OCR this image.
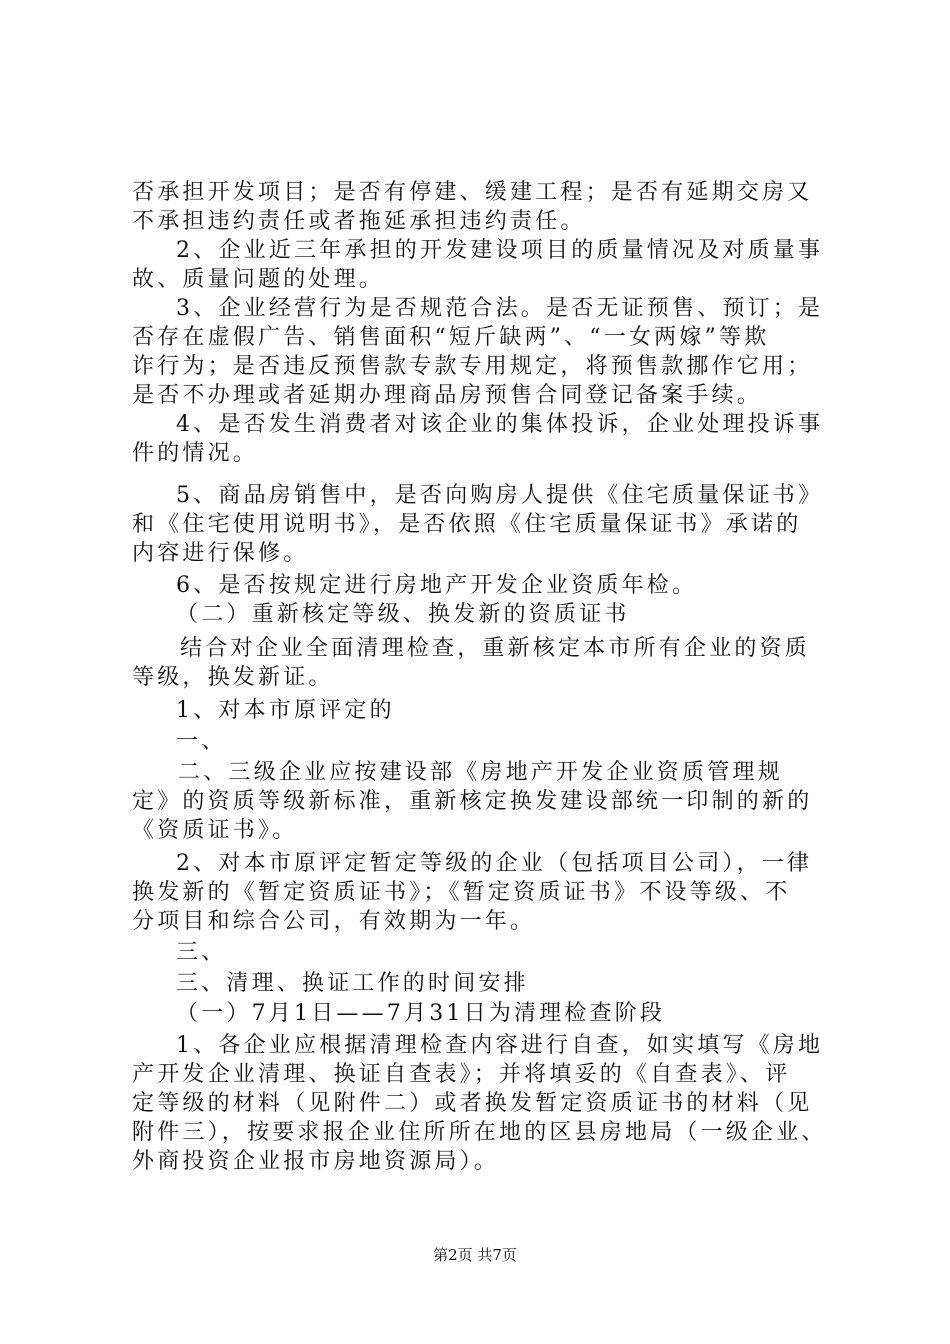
否承担开发项目；是否有停建、缓建工程；是否有延期交房又
不承担违约责任或者拖延承担违约责任。
2、企业近三年承担的开发建设项目的质量情况及对质量事
故、质量问题的处理。
3、企业经营行为是否规范合法。是否无证预售、预订；是
否存在虚假广告、销售面积“短斤缺两”、“一女两嫁”等欺
诈行为；是否违反预售款专款专用规定，将预售款挪作它用；
是否不办理或者延期办理商品房预售合同登记备案手续。
4、是否发生消费者对该企业的集体投诉，企业处理投诉事
件的情况。
5、商品房销售中，是否向购房人提供《住宅质量保证书》
和《住宅使用说明书》，是否依照《住宅质量保证书》承诺的
内容进行保修。
6、是否按规定进行房地产开发企业资质年检。
（二）重新核定等级、换发新的资质证书
结合对企业全面清理检查，重新核定本市所有企业的资质
等级，换发新证。
1、对本市原评定的
一、
二、三级企业应按建设部《房地产开发企业资质管理规
定》的资质等级新标准，重新核定换发建设部统一印制的新的
《资质证书》。
2、对本市原评定暂定等级的企业（包括项目公司），一律
换发新的《暂定资质证书》；《暂定资质证书》不设等级、不
分项目和综合公司，有效期为一年。
三、
三、清理、换证工作的时间安排
（一）7月1日——7月31日为清理检查阶段
1、各企业应根据清理检查内容进行自查，如实填写《房地
产开发企业清理、换证自查表》；并将填妥的《自查表》、评
定等级的材料（见附件二）或者换发暂定资质证书的材料（见
附件三），按要求报企业住所所在地的区县房地局（一级企业、
外商投资企业报市房地资源局）。
第2页 共7页
